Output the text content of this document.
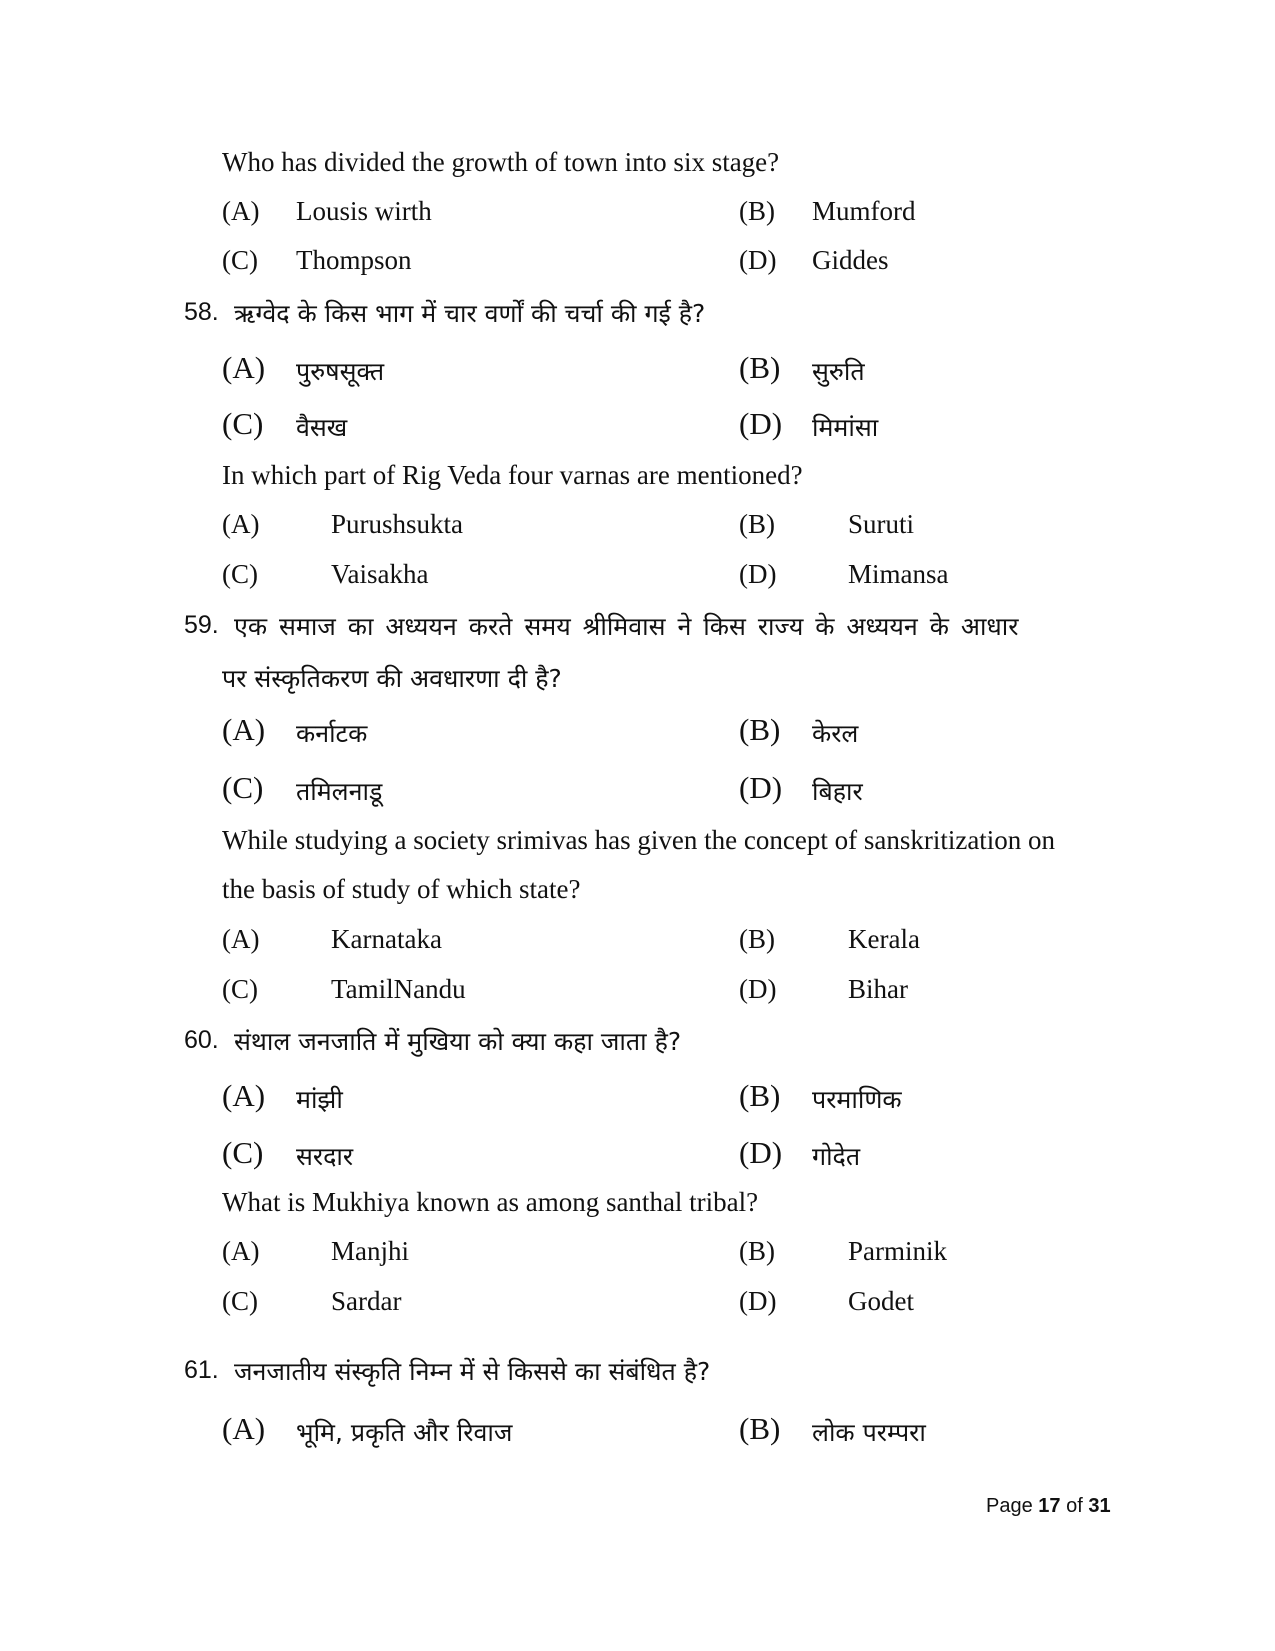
Who has divided the growth of town into six stage?
(A) Lousis wirth	(B) Mumford
(C) Thompson	(D) Giddes
58. ऋग्वेद के किस भाग में चार वर्णों की चर्चा की गई है?
(A) पुरुषसूक्त	(B) सुरुति
(C) वैसख	(D) मिमांसा
In which part of Rig Veda four varnas are mentioned?
(A)	Purushsukta	(B)	Suruti
(C)	Vaisakha	(D)	Mimansa
59. एक समाज का अध्ययन करते समय श्रीमिवास ने किस राज्य के अध्ययन के आधार
पर संस्कृतिकरण की अवधारणा दी है?
(A) कर्नाटक	(B) केरल
(C) तमिलनाडू	(D) बिहार
While studying a society srimivas has given the concept of sanskritization on
the basis of study of which state?
(A)	Karnataka	(B)	Kerala
(C)	TamilNandu	(D)	Bihar
60. संथाल जनजाति में मुखिया को क्या कहा जाता है?
(A) मांझी	(B) परमाणिक
(C) सरदार	(D) गोदेत
What is Mukhiya known as among santhal tribal?
(A)	Manjhi	(B)	Parminik
(C)	Sardar	(D)	Godet
61. जनजातीय संस्कृति निम्न में से किससे का संबंधित है?
(A) भूमि, प्रकृति और रिवाज	(B) लोक परम्परा
Page 17 of 31
